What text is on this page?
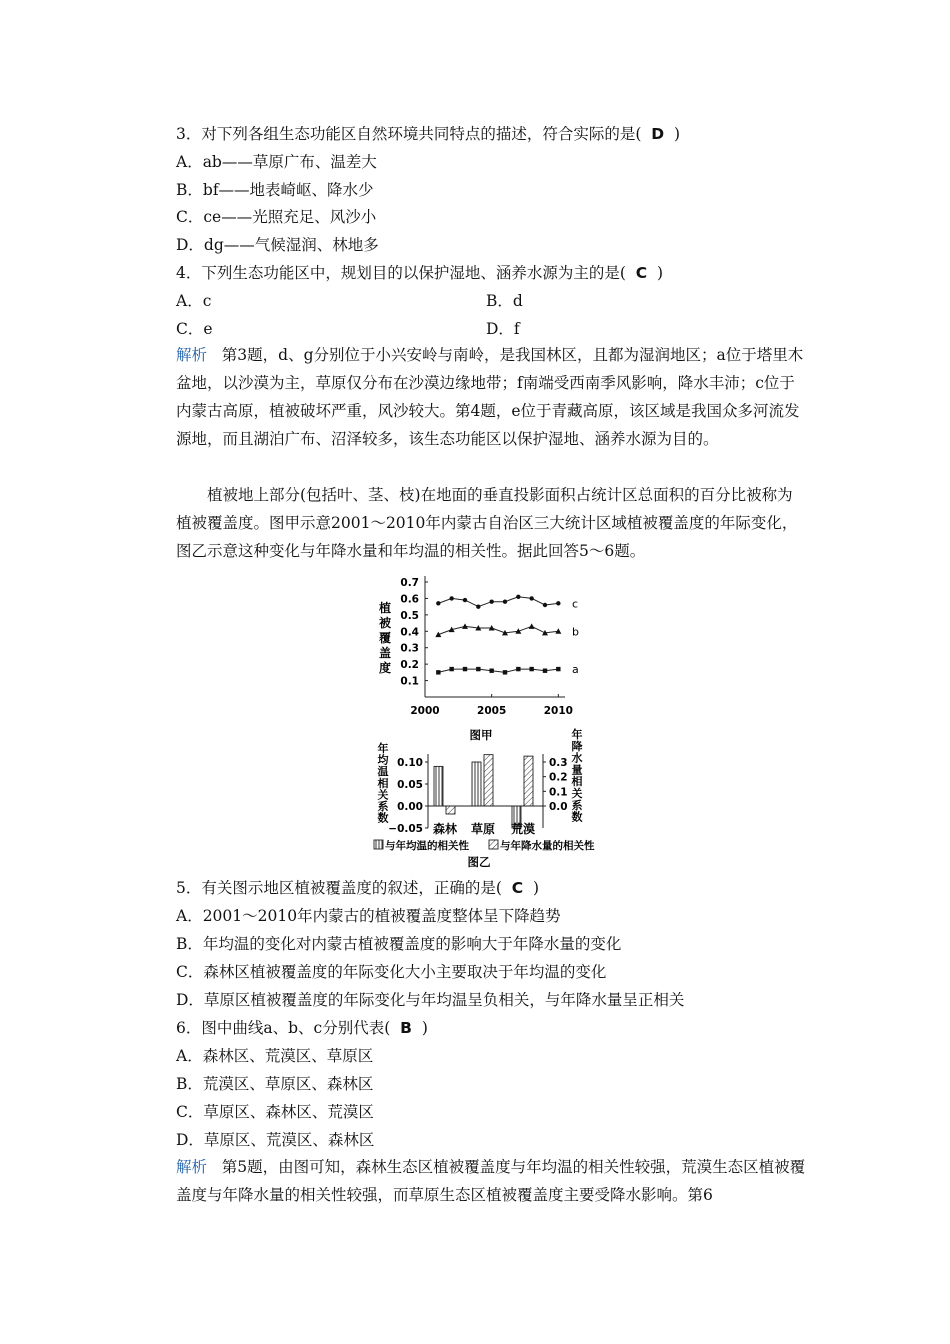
3．对下列各组生态功能区自然环境共同特点的描述，符合实际的是( D )
A．ab——草原广布、温差大
B．bf——地表崎岖、降水少
C．ce——光照充足、风沙小
D．dg——气候湿润、林地多
4．下列生态功能区中，规划目的以保护湿地、涵养水源为主的是( C )
A．c	B．d
C．e	D．f
解析 第3题，d、g分别位于小兴安岭与南岭，是我国林区，且都为湿润地区；a位于塔里木盆地，以沙漠为主，草原仅分布在沙漠边缘地带；f南端受西南季风影响，降水丰沛；c位于内蒙古高原，植被破坏严重，风沙较大。第4题，e位于青藏高原，该区域是我国众多河流发源地，而且湖泊广布、沼泽较多，该生态功能区以保护湿地、涵养水源为目的。
植被地上部分(包括叶、茎、枝)在地面的垂直投影面积占统计区总面积的百分比被称为植被覆盖度。图甲示意2001～2010年内蒙古自治区三大统计区域植被覆盖度的年际变化，图乙示意这种变化与年降水量和年均温的相关性。据此回答5～6题。
0.1
0.2
0.3
0.4
0.5
0.6
0.7
2000	2005	2010
植
被
覆
盖
度
图甲
c
b
a
0.10
0.05
0.00
−0.05
0.3
0.2
0.1
0.0
年
均
温
相
关
系
数
年
降
水
量
相
关
系
数
森林 草原 荒漠
与年均温的相关性	与年降水量的相关性
图乙
5．有关图示地区植被覆盖度的叙述，正确的是( C )
A．2001～2010年内蒙古的植被覆盖度整体呈下降趋势
B．年均温的变化对内蒙古植被覆盖度的影响大于年降水量的变化
C．森林区植被覆盖度的年际变化大小主要取决于年均温的变化
D．草原区植被覆盖度的年际变化与年均温呈负相关，与年降水量呈正相关
6．图中曲线a、b、c分别代表( B )
A．森林区、荒漠区、草原区
B．荒漠区、草原区、森林区
C．草原区、森林区、荒漠区
D．草原区、荒漠区、森林区
解析 第5题，由图可知，森林生态区植被覆盖度与年均温的相关性较强，荒漠生态区植被覆盖度与年降水量的相关性较强，而草原生态区植被覆盖度主要受降水影响。第6
